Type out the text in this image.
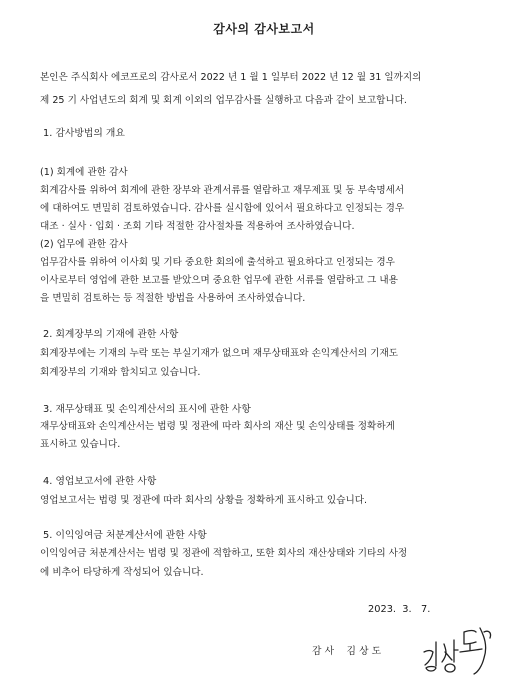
감사의 감사보고서
본인은 주식회사 에코프로의 감사로서 2022 년 1 월 1 일부터 2022 년 12 월 31 일까지의
제 25 기 사업년도의 회계 및 회계 이외의 업무감사를 실행하고 다음과 같이 보고합니다.
1. 감사방법의 개요
(1) 회계에 관한 감사
회계감사를 위하여 회계에 관한 장부와 관계서류를 열람하고 재무제표 및 동 부속명세서
에 대하여도 면밀히 검토하였습니다. 감사를 실시함에 있어서 필요하다고 인정되는 경우
대조 · 실사 · 입회 · 조회 기타 적절한 감사절차를 적용하여 조사하였습니다.
(2) 업무에 관한 감사
업무감사를 위하여 이사회 및 기타 중요한 회의에 출석하고 필요하다고 인정되는 경우
이사로부터 영업에 관한 보고를 받았으며 중요한 업무에 관한 서류를 열람하고 그 내용
을 면밀히 검토하는 등 적절한 방법을 사용하여 조사하였습니다.
2. 회계장부의 기재에 관한 사항
회계장부에는 기재의 누락 또는 부실기재가 없으며 재무상태표와 손익계산서의 기재도
회계장부의 기재와 합치되고 있습니다.
3. 재무상태표 및 손익계산서의 표시에 관한 사항
재무상태표와 손익계산서는 법령 및 정관에 따라 회사의 재산 및 손익상태를 정확하게
표시하고 있습니다.
4. 영업보고서에 관한 사항
영업보고서는 법령 및 정관에 따라 회사의 상황을 정확하게 표시하고 있습니다.
5. 이익잉여금 처분계산서에 관한 사항
이익잉여금 처분계산서는 법령 및 정관에 적합하고, 또한 회사의 재산상태와 기타의 사정
에 비추어 타당하게 작성되어 있습니다.
2023.  3.   7.
감 사    김 상 도
